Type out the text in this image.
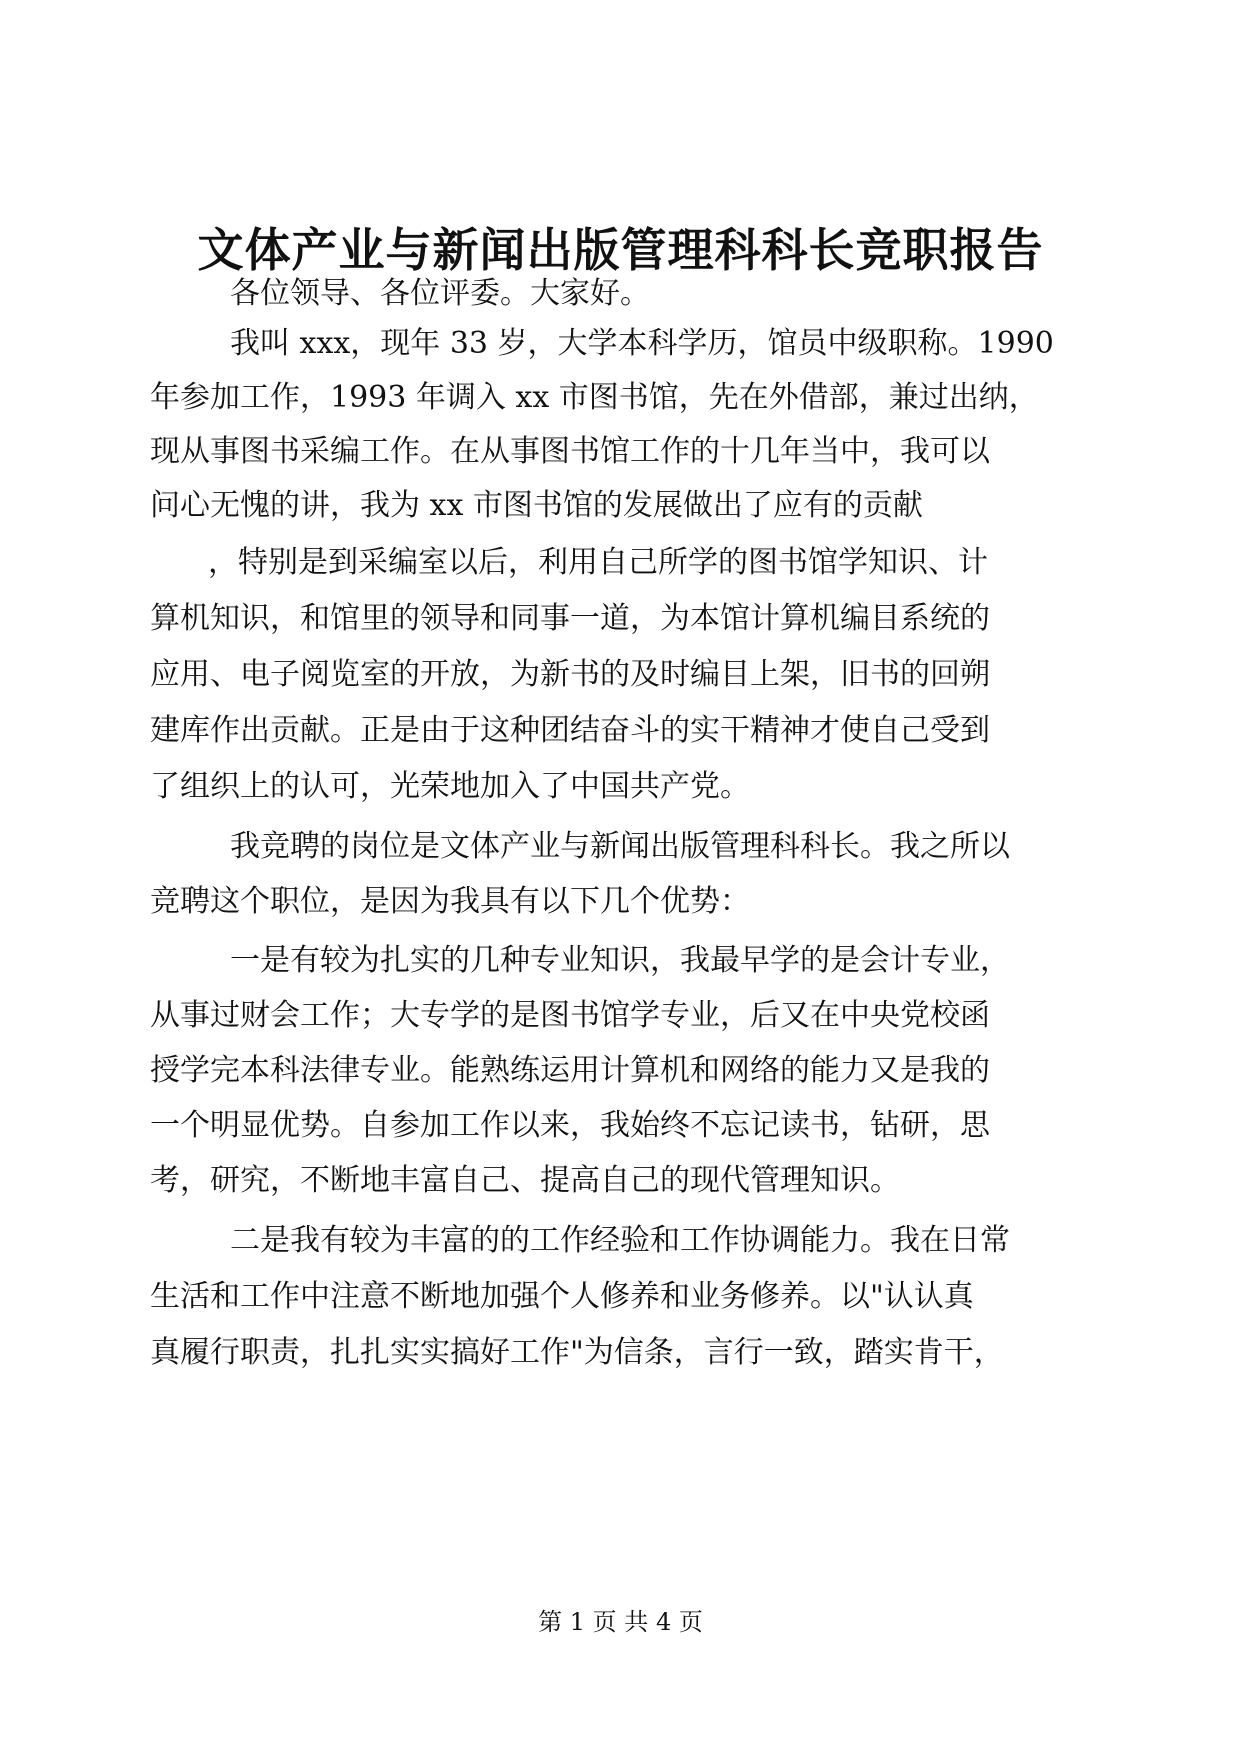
文体产业与新闻出版管理科科长竞职报告
各位领导、各位评委。大家好。
我叫 xxx，现年 33 岁，大学本科学历，馆员中级职称。1990
年参加工作，1993 年调入 xx 市图书馆，先在外借部，兼过出纳，
现从事图书采编工作。在从事图书馆工作的十几年当中，我可以
问心无愧的讲，我为 xx 市图书馆的发展做出了应有的贡献
，特别是到采编室以后，利用自己所学的图书馆学知识、计
算机知识，和馆里的领导和同事一道，为本馆计算机编目系统的
应用、电子阅览室的开放，为新书的及时编目上架，旧书的回朔
建库作出贡献。正是由于这种团结奋斗的实干精神才使自己受到
了组织上的认可，光荣地加入了中国共产党。
我竞聘的岗位是文体产业与新闻出版管理科科长。我之所以
竞聘这个职位，是因为我具有以下几个优势：
一是有较为扎实的几种专业知识，我最早学的是会计专业，
从事过财会工作；大专学的是图书馆学专业，后又在中央党校函
授学完本科法律专业。能熟练运用计算机和网络的能力又是我的
一个明显优势。自参加工作以来，我始终不忘记读书，钻研，思
考，研究，不断地丰富自己、提高自己的现代管理知识。
二是我有较为丰富的的工作经验和工作协调能力。我在日常
生活和工作中注意不断地加强个人修养和业务修养。以"认认真
真履行职责，扎扎实实搞好工作"为信条，言行一致，踏实肯干，
第 1 页 共 4 页
